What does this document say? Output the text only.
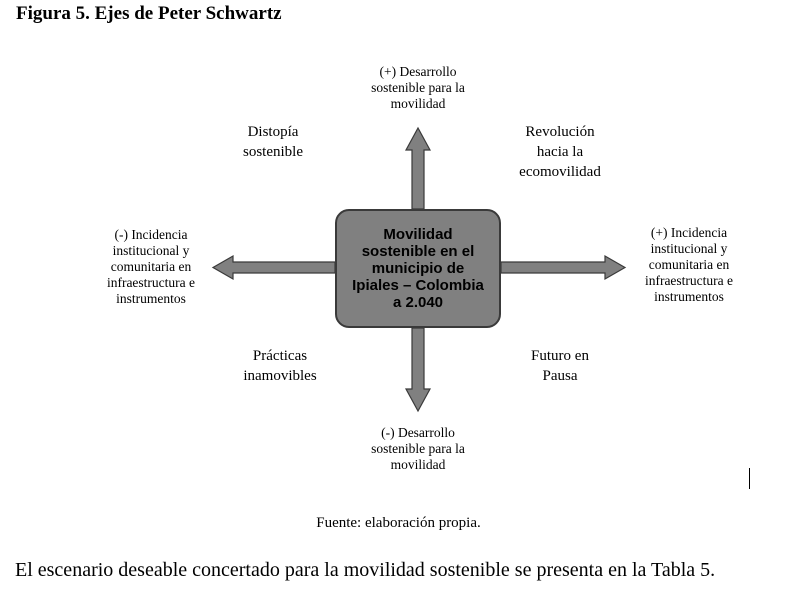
Figura 5. Ejes de Peter Schwartz
Movilidad
sostenible en el
municipio de
Ipiales – Colombia
a 2.040
(+) Desarrollo
sostenible para la
movilidad
(-) Desarrollo
sostenible para la
movilidad
(-) Incidencia
institucional y
comunitaria en
infraestructura e
instrumentos
(+) Incidencia
institucional y
comunitaria en
infraestructura e
instrumentos
Distopía
sostenible
Revolución
hacia la
ecomovilidad
Prácticas
inamovibles
Futuro en
Pausa
Fuente: elaboración propia.
El escenario deseable concertado para la movilidad sostenible se presenta en la Tabla 5.
